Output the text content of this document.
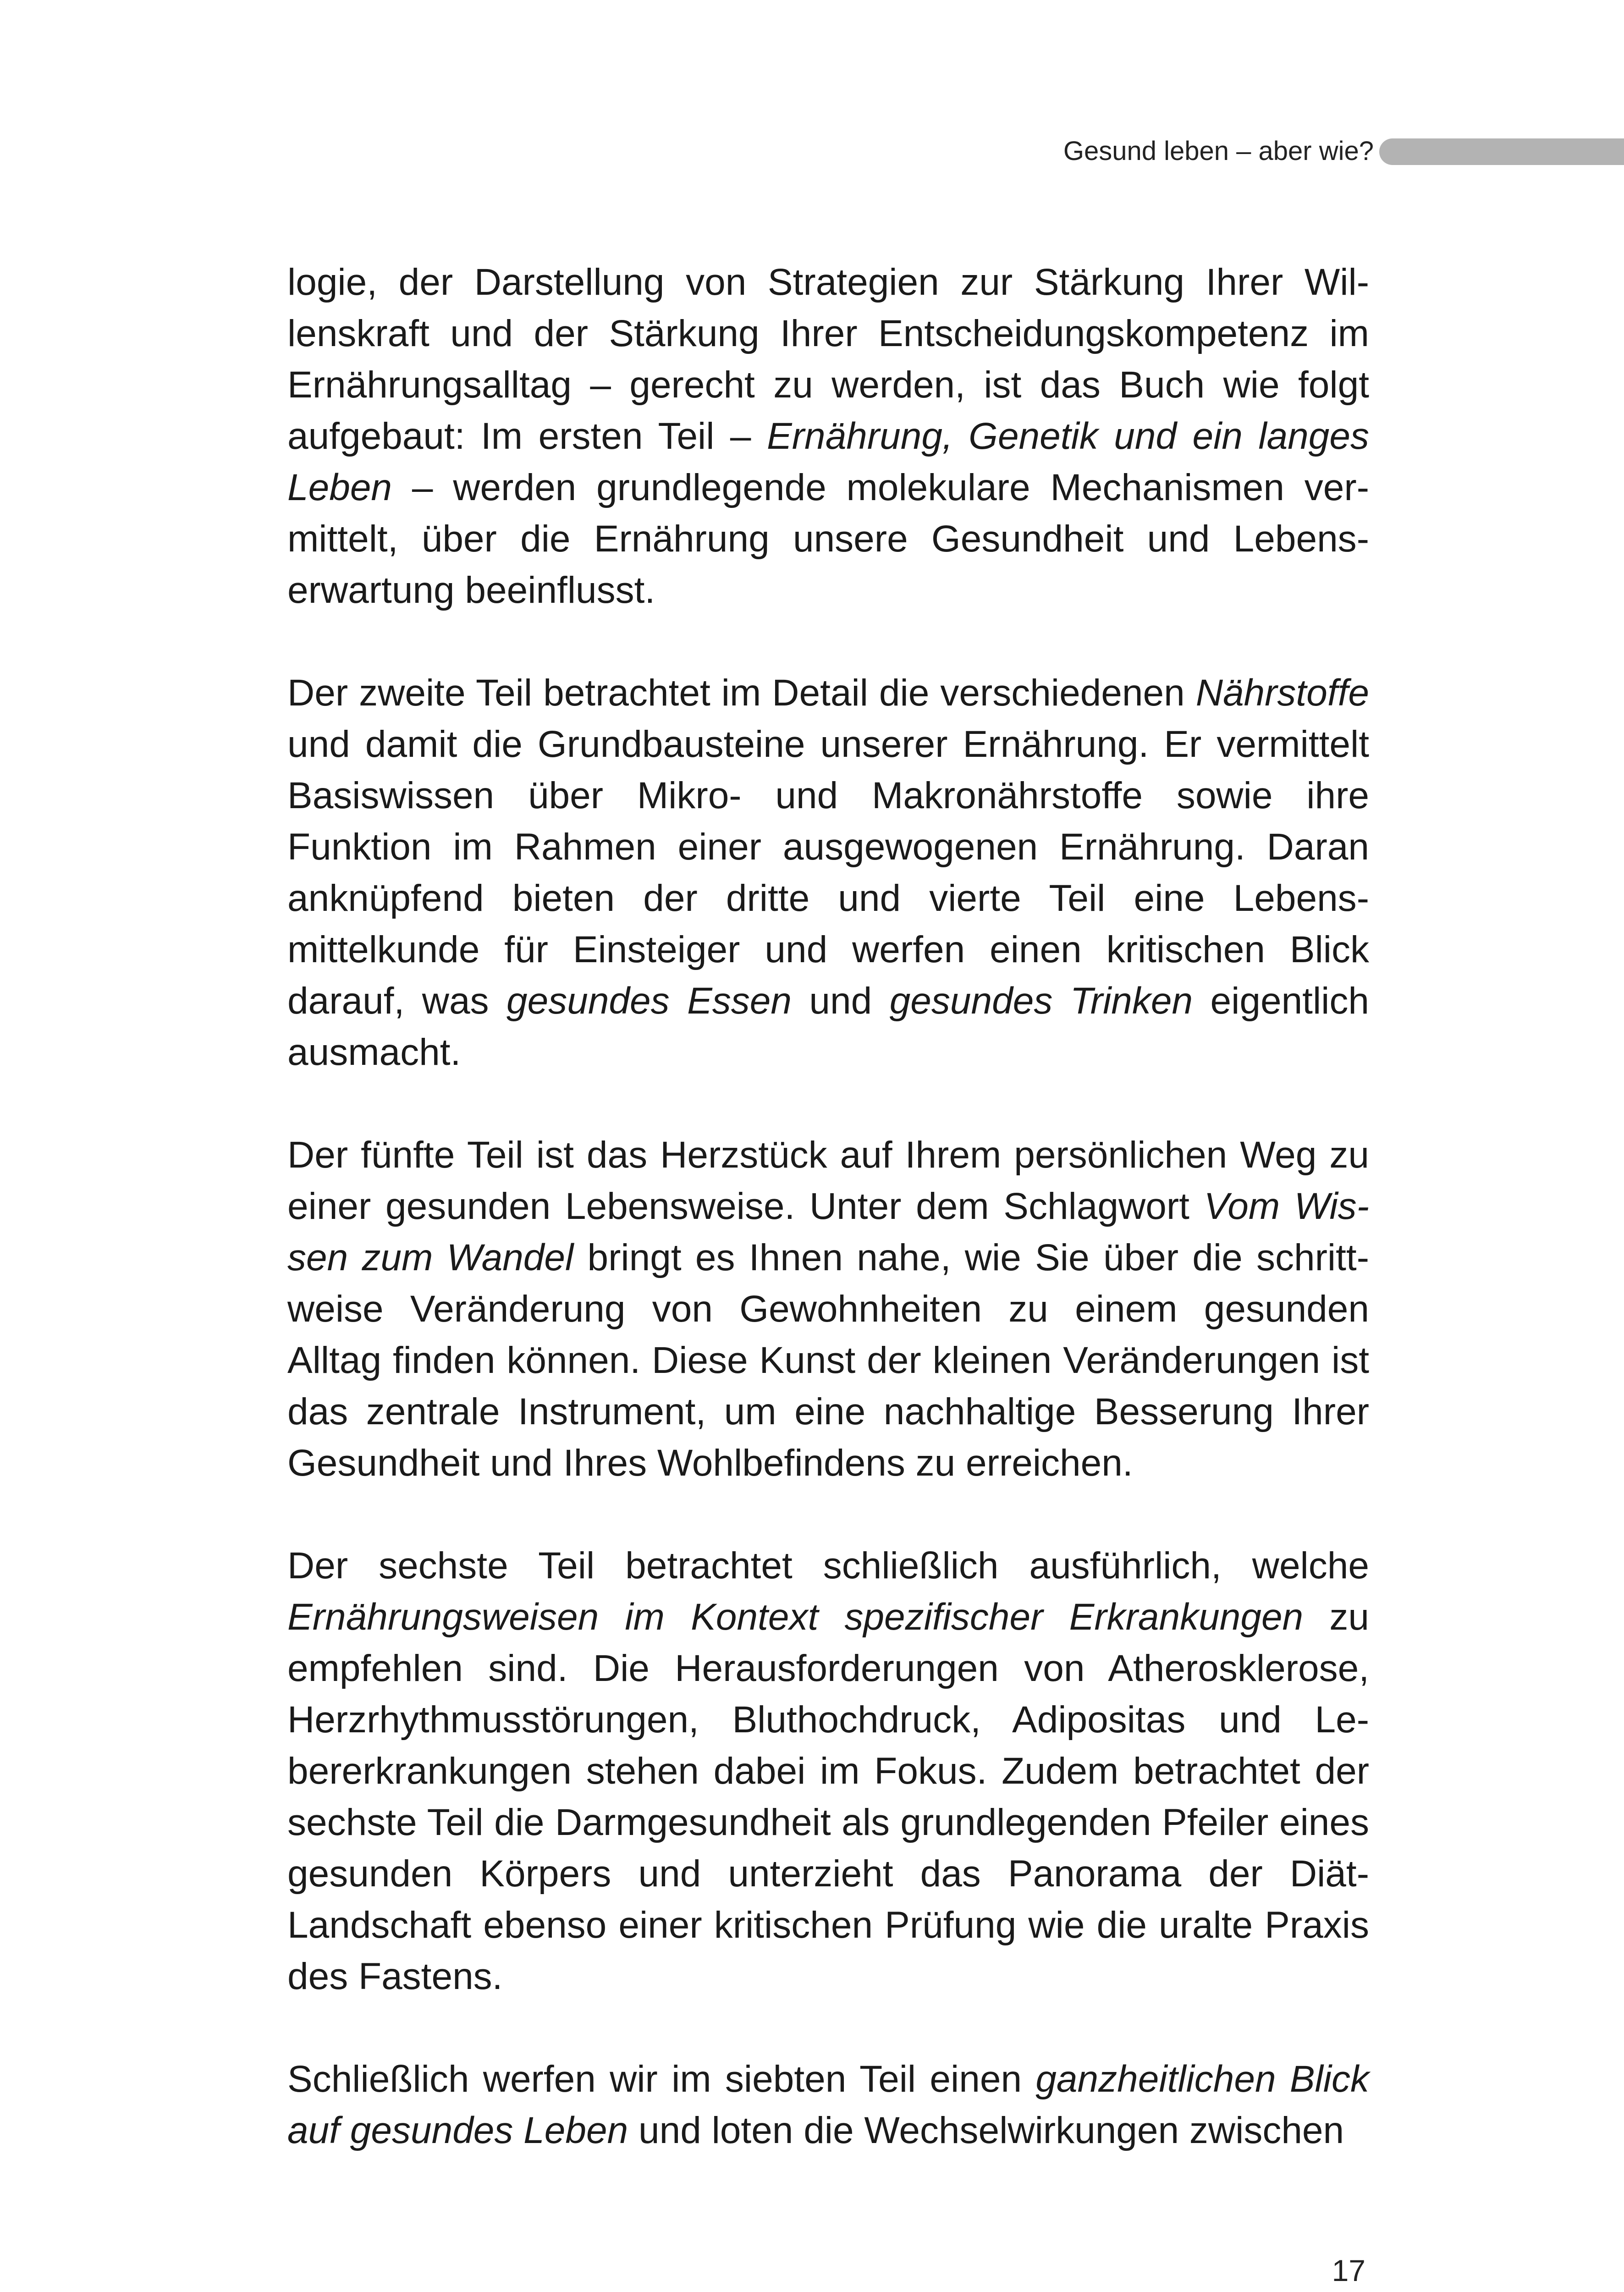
Gesund leben – aber wie?

logie, der Darstellung von Strategien zur Stärkung Ihrer Willenskraft und der Stärkung Ihrer Entscheidungskompetenz im Ernährungsalltag – gerecht zu werden, ist das Buch wie folgt aufgebaut: Im ersten Teil – Ernährung, Genetik und ein langes Leben – werden grundlegende molekulare Mechanismen vermittelt, über die Ernährung unsere Gesundheit und Lebenserwartung beeinflusst.

Der zweite Teil betrachtet im Detail die verschiedenen Nährstoffe und damit die Grundbausteine unserer Ernährung. Er vermittelt Basiswissen über Mikro- und Makronährstoffe sowie ihre Funktion im Rahmen einer ausgewogenen Ernährung. Daran anknüpfend bieten der dritte und vierte Teil eine Lebensmittelkunde für Einsteiger und werfen einen kritischen Blick darauf, was gesundes Essen und gesundes Trinken eigentlich ausmacht.

Der fünfte Teil ist das Herzstück auf Ihrem persönlichen Weg zu einer gesunden Lebensweise. Unter dem Schlagwort Vom Wissen zum Wandel bringt es Ihnen nahe, wie Sie über die schrittweise Veränderung von Gewohnheiten zu einem gesunden Alltag finden können. Diese Kunst der kleinen Veränderungen ist das zentrale Instrument, um eine nachhaltige Besserung Ihrer Gesundheit und Ihres Wohlbefindens zu erreichen.

Der sechste Teil betrachtet schließlich ausführlich, welche Ernährungsweisen im Kontext spezifischer Erkrankungen zu empfehlen sind. Die Herausforderungen von Atherosklerose, Herzrhythmusstörungen, Bluthochdruck, Adipositas und Lebererkrankungen stehen dabei im Fokus. Zudem betrachtet der sechste Teil die Darmgesundheit als grundlegenden Pfeiler eines gesunden Körpers und unterzieht das Panorama der Diät-Landschaft ebenso einer kritischen Prüfung wie die uralte Praxis des Fastens.

Schließlich werfen wir im siebten Teil einen ganzheitlichen Blick auf gesundes Leben und loten die Wechselwirkungen zwischen

17
